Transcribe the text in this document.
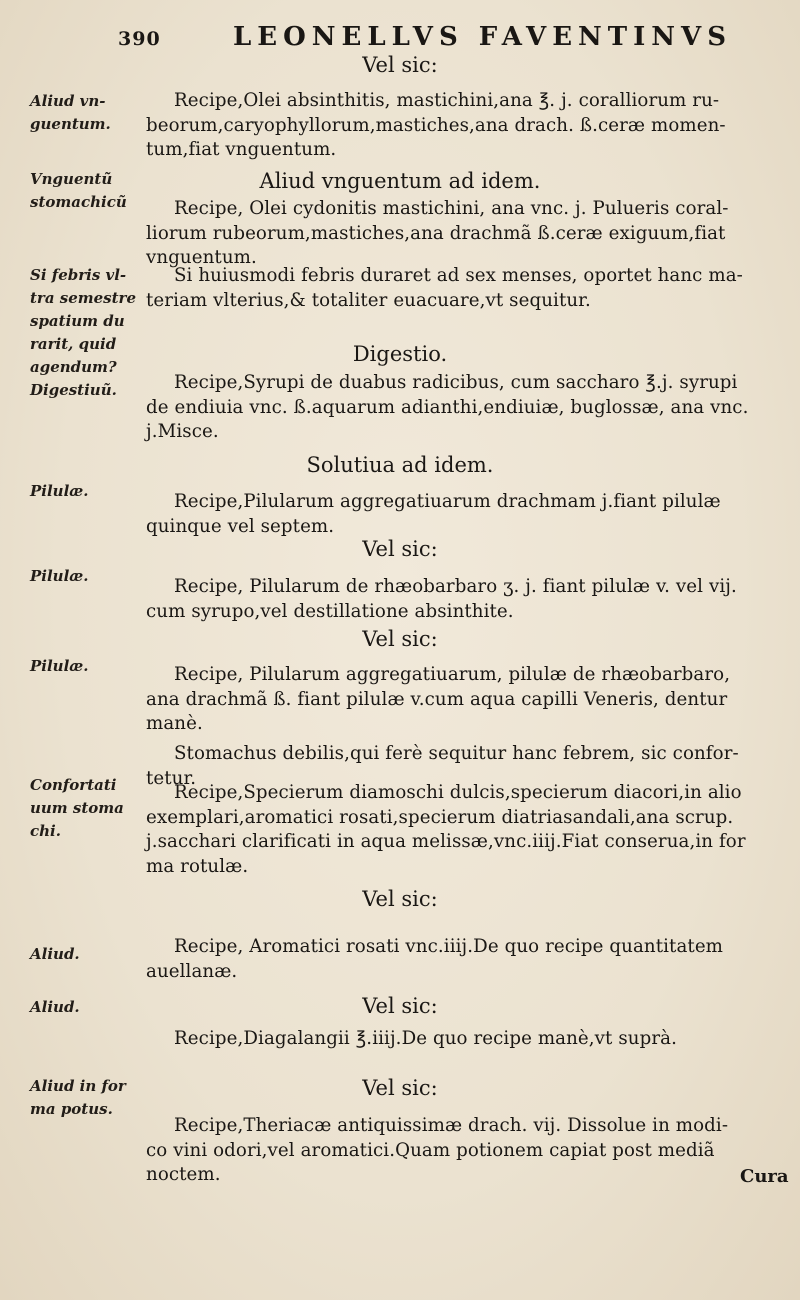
390	LEONELLVS FAVENTINVS
Vel sic:
Recipe,Olei absinthitis, mastichini,ana ℥. j. coralliorum ru-
beorum,caryophyllorum,mastiches,ana drach. ß.ceræ momen-
tum,fiat vnguentum.
Aliud vnguentum ad idem.
Recipe, Olei cydonitis mastichini, ana vnc. j. Pulueris coral-
liorum rubeorum,mastiches,ana drachmã ß.ceræ exiguum,fiat
vnguentum.
Si huiusmodi febris duraret ad sex menses, oportet hanc ma-
teriam vlterius,& totaliter euacuare,vt sequitur.
Digestio.
Recipe,Syrupi de duabus radicibus, cum saccharo ℥.j. syrupi
de endiuia vnc. ß.aquarum adianthi,endiuiæ, buglossæ, ana vnc.
j.Misce.
Solutiua ad idem.
Recipe,Pilularum aggregatiuarum drachmam j.fiant pilulæ
quinque vel septem.
Vel sic:
Recipe, Pilularum de rhæobarbaro ʒ. j. fiant pilulæ v. vel vij.
cum syrupo,vel destillatione absinthite.
Vel sic:
Recipe, Pilularum aggregatiuarum, pilulæ de rhæobarbaro,
ana drachmã ß. fiant pilulæ v.cum aqua capilli Veneris, dentur
manè.
Stomachus debilis,qui ferè sequitur hanc febrem, sic confor-
tetur.
Recipe,Specierum diamoschi dulcis,specierum diacori,in alio
exemplari,aromatici rosati,specierum diatriasandali,ana scrup.
j.sacchari clarificati in aqua melissæ,vnc.iiij.Fiat conserua,in for
ma rotulæ.
Vel sic:
Recipe, Aromatici rosati vnc.iiij.De quo recipe quantitatem
auellanæ.
Vel sic:
Recipe,Diagalangii ℥.iiij.De quo recipe manè,vt suprà.
Vel sic:
Recipe,Theriacæ antiquissimæ drach. vij. Dissolue in modi-
co vini odori,vel aromatici.Quam potionem capiat post mediã
noctem.
Aliud vn-
guentum.
Vnguentũ
stomachicũ
Si febris vl-
tra semestre
spatium du
rarit, quid
agendum?
Digestiuũ.
Pilulæ.
Pilulæ.
Pilulæ.
Confortati
uum stoma
chi.
Aliud.
Aliud.
Aliud in for
ma potus.
Cura
